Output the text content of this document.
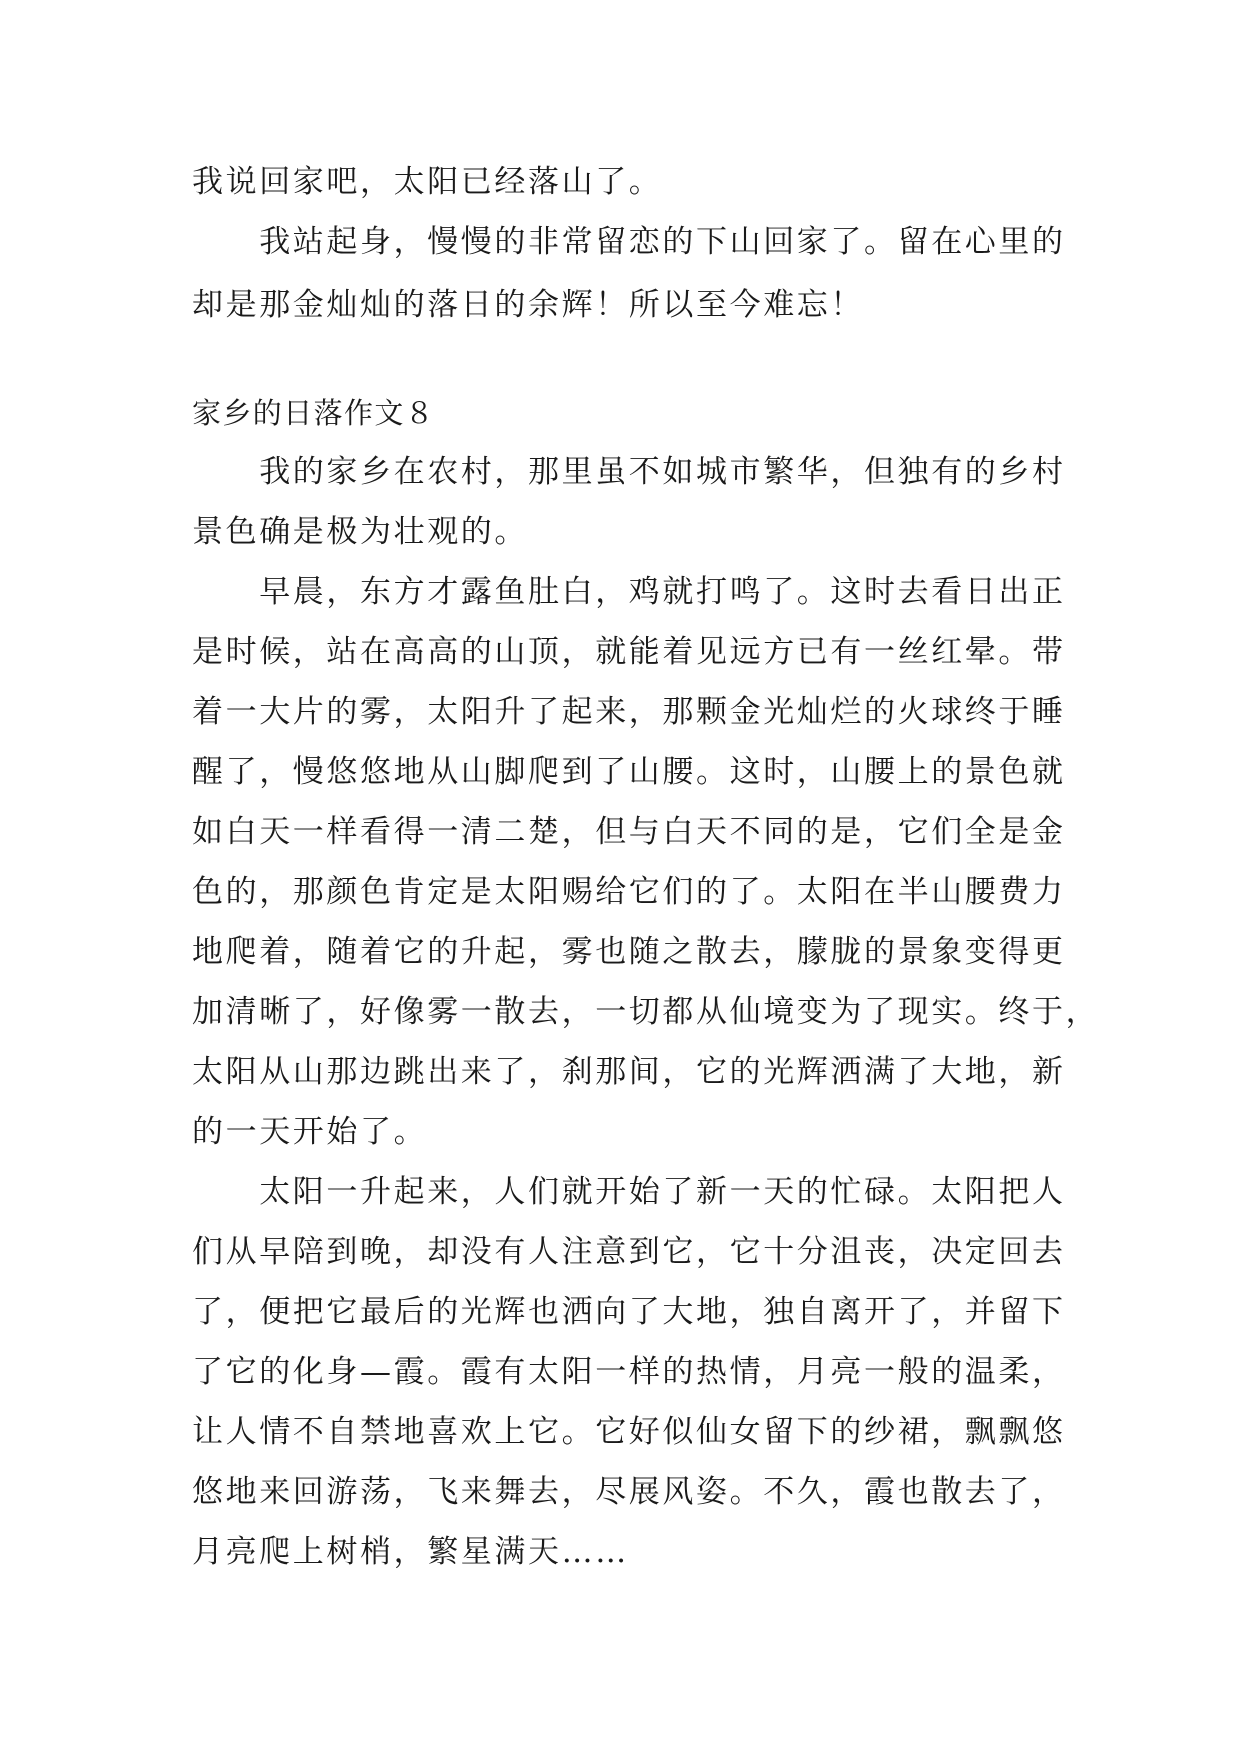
我说回家吧，太阳已经落山了。
　　我站起身，慢慢的非常留恋的下山回家了。留在心里的
却是那金灿灿的落日的余辉！所以至今难忘！
家乡的日落作文８
　　我的家乡在农村，那里虽不如城市繁华，但独有的乡村
景色确是极为壮观的。
　　早晨，东方才露鱼肚白，鸡就打鸣了。这时去看日出正
是时候，站在高高的山顶，就能着见远方已有一丝红晕。带
着一大片的雾，太阳升了起来，那颗金光灿烂的火球终于睡
醒了，慢悠悠地从山脚爬到了山腰。这时，山腰上的景色就
如白天一样看得一清二楚，但与白天不同的是，它们全是金
色的，那颜色肯定是太阳赐给它们的了。太阳在半山腰费力
地爬着，随着它的升起，雾也随之散去，朦胧的景象变得更
加清晰了，好像雾一散去，一切都从仙境变为了现实。终于，
太阳从山那边跳出来了，刹那间，它的光辉洒满了大地，新
的一天开始了。
　　太阳一升起来，人们就开始了新一天的忙碌。太阳把人
们从早陪到晚，却没有人注意到它，它十分沮丧，决定回去
了，便把它最后的光辉也洒向了大地，独自离开了，并留下
了它的化身—霞。霞有太阳一样的热情，月亮一般的温柔，
让人情不自禁地喜欢上它。它好似仙女留下的纱裙，飘飘悠
悠地来回游荡，飞来舞去，尽展风姿。不久，霞也散去了，
月亮爬上树梢，繁星满天……
